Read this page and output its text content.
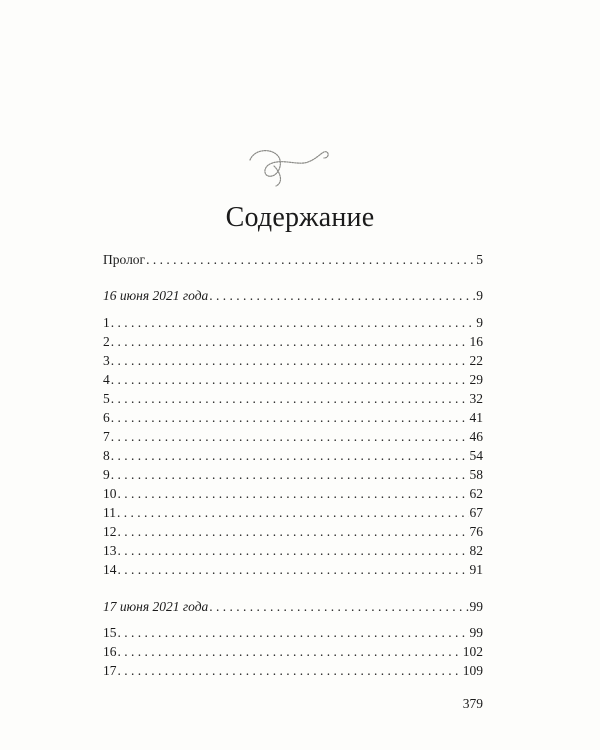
Содержание
Пролог . . .	5
16 июня 2021 года . . .	9
1 . . .	9
2 . . .	16
3 . . .	22
4 . . .	29
5 . . .	32
6 . . .	41
7 . . .	46
8 . . .	54
9 . . .	58
10 . . .	62
11 . . .	67
12 . . .	76
13 . . .	82
14 . . .	91
17 июня 2021 года . . .	99
15 . . .	99
16 . . .	102
17 . . .	109
379
